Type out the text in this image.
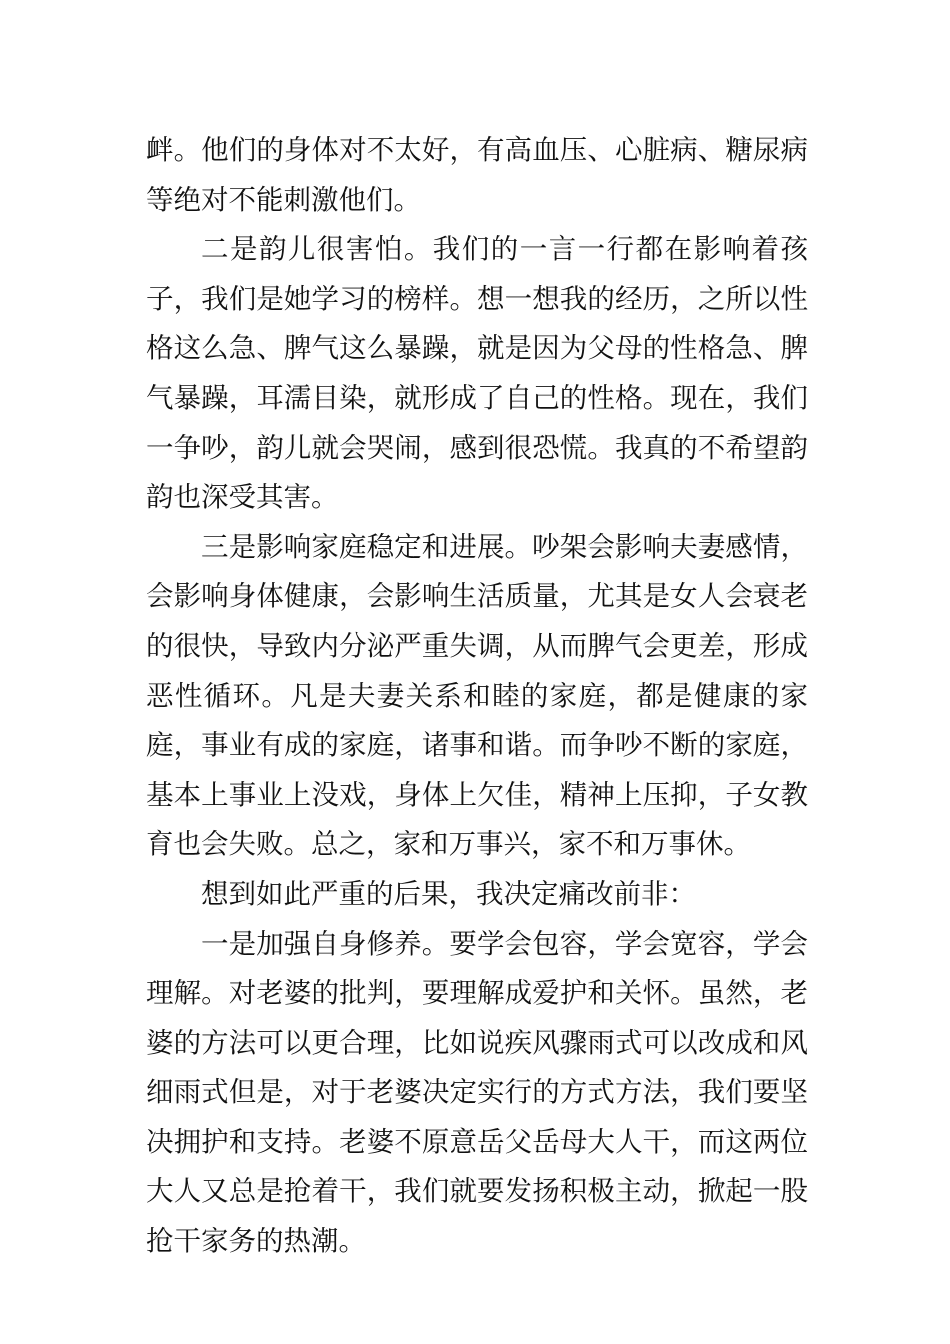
衅。他们的身体对不太好，有高血压、心脏病、糖尿病等绝对不能刺激他们。

二是韵儿很害怕。我们的一言一行都在影响着孩子，我们是她学习的榜样。想一想我的经历，之所以性格这么急、脾气这么暴躁，就是因为父母的性格急、脾气暴躁，耳濡目染，就形成了自己的性格。现在，我们一争吵，韵儿就会哭闹，感到很恐慌。我真的不希望韵韵也深受其害。

三是影响家庭稳定和进展。吵架会影响夫妻感情，会影响身体健康，会影响生活质量，尤其是女人会衰老的很快，导致内分泌严重失调，从而脾气会更差，形成恶性循环。凡是夫妻关系和睦的家庭，都是健康的家庭，事业有成的家庭，诸事和谐。而争吵不断的家庭，基本上事业上没戏，身体上欠佳，精神上压抑，子女教育也会失败。总之，家和万事兴，家不和万事休。

想到如此严重的后果，我决定痛改前非：

一是加强自身修养。要学会包容，学会宽容，学会理解。对老婆的批判，要理解成爱护和关怀。虽然，老婆的方法可以更合理，比如说疾风骤雨式可以改成和风细雨式但是，对于老婆决定实行的方式方法，我们要坚决拥护和支持。老婆不原意岳父岳母大人干，而这两位大人又总是抢着干，我们就要发扬积极主动，掀起一股抢干家务的热潮。
